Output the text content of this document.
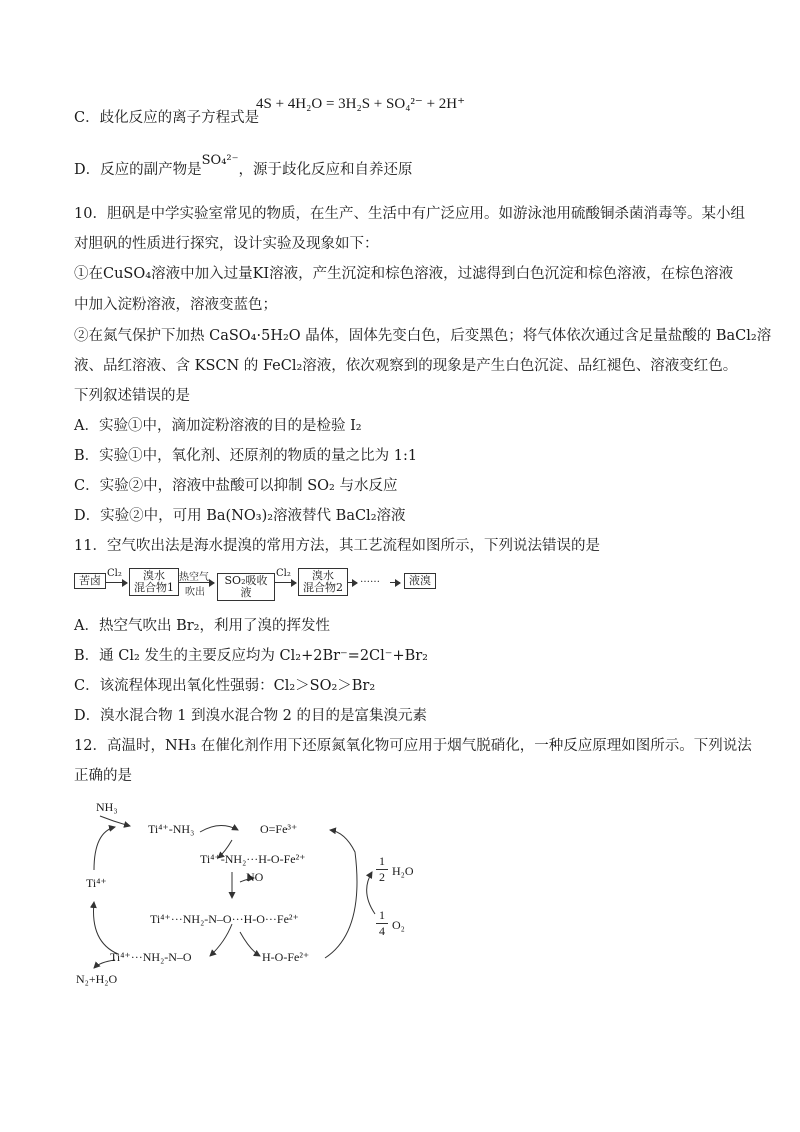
C．歧化反应的离子方程式是
4S + 4H₂O = 3H₂S + SO₄²⁻ + 2H⁺
D．反应的副产物是SO₄²⁻，源于歧化反应和自养还原
10．胆矾是中学实验室常见的物质，在生产、生活中有广泛应用。如游泳池用硫酸铜杀菌消毒等。某小组
对胆矾的性质进行探究，设计实验及现象如下：
①在CuSO₄溶液中加入过量KI溶液，产生沉淀和棕色溶液，过滤得到白色沉淀和棕色溶液，在棕色溶液
中加入淀粉溶液，溶液变蓝色；
②在氮气保护下加热 CaSO₄·5H₂O 晶体，固体先变白色，后变黑色；将气体依次通过含足量盐酸的 BaCl₂溶
液、品红溶液、含 KSCN 的 FeCl₂溶液，依次观察到的现象是产生白色沉淀、品红褪色、溶液变红色。
下列叙述错误的是
A．实验①中，滴加淀粉溶液的目的是检验 I₂
B．实验①中，氧化剂、还原剂的物质的量之比为 1:1
C．实验②中，溶液中盐酸可以抑制 SO₂ 与水反应
D．实验②中，可用 Ba(NO₃)₂溶液替代 BaCl₂溶液
11．空气吹出法是海水提溴的常用方法，其工艺流程如图所示，下列说法错误的是
苦卤
Cl₂	溴水
混合物1
热空气
吹出
SO₂吸收液
Cl₂	溴水
混合物2
……	液溴
A．热空气吹出 Br₂，利用了溴的挥发性
B．通 Cl₂ 发生的主要反应均为 Cl₂+2Br⁻=2Cl⁻+Br₂
C．该流程体现出氧化性强弱：Cl₂＞SO₂＞Br₂
D．溴水混合物 1 到溴水混合物 2 的目的是富集溴元素
12．高温时，NH₃ 在催化剂作用下还原氮氧化物可应用于烟气脱硝化，一种反应原理如图所示。下列说法
正确的是
NH₃
Ti⁴⁺
Ti⁴⁺-NH₃	O=Fe³⁺
Ti⁴⁺-NH₂···H-O-Fe²⁺
NO
Ti⁴⁺···NH₂-N–O···H-O···Fe²⁺
Ti⁴⁺···NH₂-N–O	H-O-Fe²⁺
N₂+H₂O
$\frac{1}{2} H_2O$
$\frac{1}{4} O_2$
